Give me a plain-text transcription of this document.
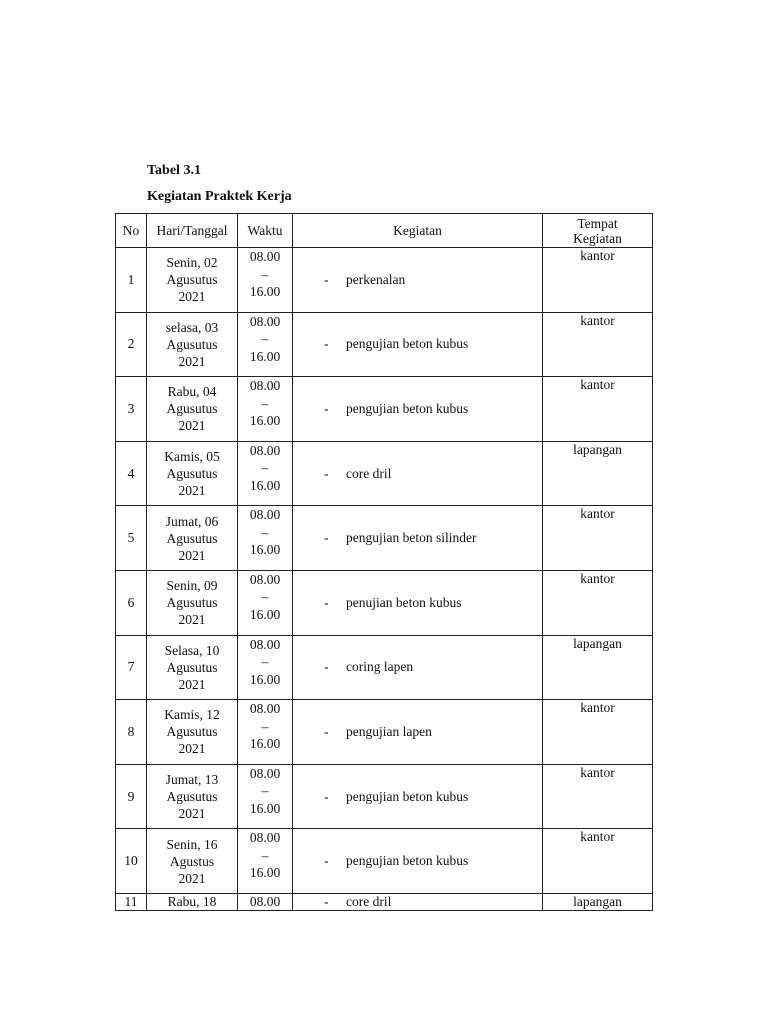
Tabel 3.1
Kegiatan Praktek Kerja
No	Hari/Tanggal	Waktu	Kegiatan	Tempat
Kegiatan

1	Senin, 02
Agusutus
2021	08.00
–
16.00	- perkenalan	kantor
2	selasa, 03
Agusutus
2021	08.00
–
16.00	- pengujian beton kubus	kantor
3	Rabu, 04
Agusutus
2021	08.00
–
16.00	- pengujian beton kubus	kantor
4	Kamis, 05
Agusutus
2021	08.00
–
16.00	- core dril	lapangan
5	Jumat, 06
Agusutus
2021	08.00
–
16.00	- pengujian beton silinder	kantor
6	Senin, 09
Agusutus
2021	08.00
–
16.00	- penujian beton kubus	kantor
7	Selasa, 10
Agusutus
2021	08.00
–
16.00	- coring lapen	lapangan
8	Kamis, 12
Agusutus
2021	08.00
–
16.00	- pengujian lapen	kantor
9	Jumat, 13
Agusutus
2021	08.00
–
16.00	- pengujian beton kubus	kantor
10	Senin, 16
Agustus
2021	08.00
–
16.00	- pengujian beton kubus	kantor
11	Rabu, 18	08.00	- core dril	lapangan
